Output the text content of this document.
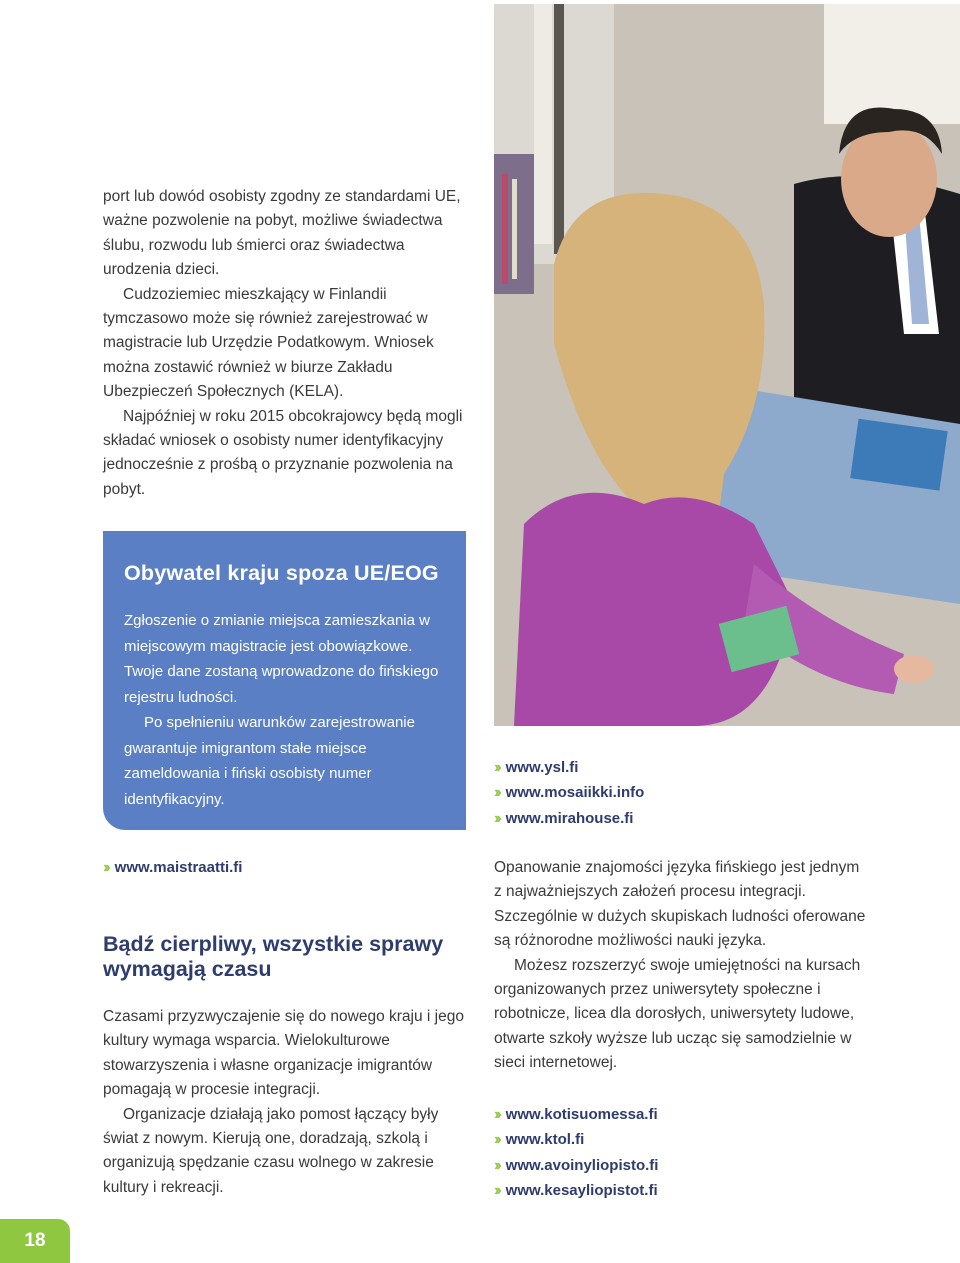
port lub dowód osobisty zgodny ze standardami UE, ważne pozwolenie na pobyt, możliwe świadectwa ślubu, rozwodu lub śmierci oraz świadectwa urodzenia dzieci.

Cudzoziemiec mieszkający w Finlandii tymczasowo może się również zarejestrować w magistracie lub Urzędzie Podatkowym. Wniosek można zostawić również w biurze Zakładu Ubezpieczeń Społecznych (KELA).

Najpóźniej w roku 2015 obcokrajowcy będą mogli składać wniosek o osobisty numer identyfikacyjny jednocześnie z prośbą o przyznanie pozwolenia na pobyt.

Obywatel kraju spoza UE/EOG

Zgłoszenie o zmianie miejsca zamieszkania w miejscowym magistracie jest obowiązkowe. Twoje dane zostaną wprowadzone do fińskiego rejestru ludności.

Po spełnieniu warunków zarejestrowanie gwarantuje imigrantom stałe miejsce zameldowania i fiński osobisty numer identyfikacyjny.

›› www.ysl.fi
›› www.mosaiikki.info
›› www.mirahouse.fi
›› www.maistraatti.fi
Bądź cierpliwy, wszystkie sprawy wymagają czasu

Czasami przyzwyczajenie się do nowego kraju i jego kultury wymaga wsparcia. Wielokulturowe stowarzyszenia i własne organizacje imigrantów pomagają w procesie integracji.

Organizacje działają jako pomost łączący były świat z nowym. Kierują one, doradzają, szkolą i organizują spędzanie czasu wolnego w zakresie kultury i rekreacji.

Opanowanie znajomości języka fińskiego jest jednym z najważniejszych założeń procesu integracji. Szczególnie w dużych skupiskach ludności oferowane są różnorodne możliwości nauki języka.

Możesz rozszerzyć swoje umiejętności na kursach organizowanych przez uniwersytety społeczne i robotnicze, licea dla dorosłych, uniwersytety ludowe, otwarte szkoły wyższe lub ucząc się samodzielnie w sieci internetowej.

›› www.kotisuomessa.fi
›› www.ktol.fi
›› www.avoinyliopisto.fi
›› www.kesayliopistot.fi
18
